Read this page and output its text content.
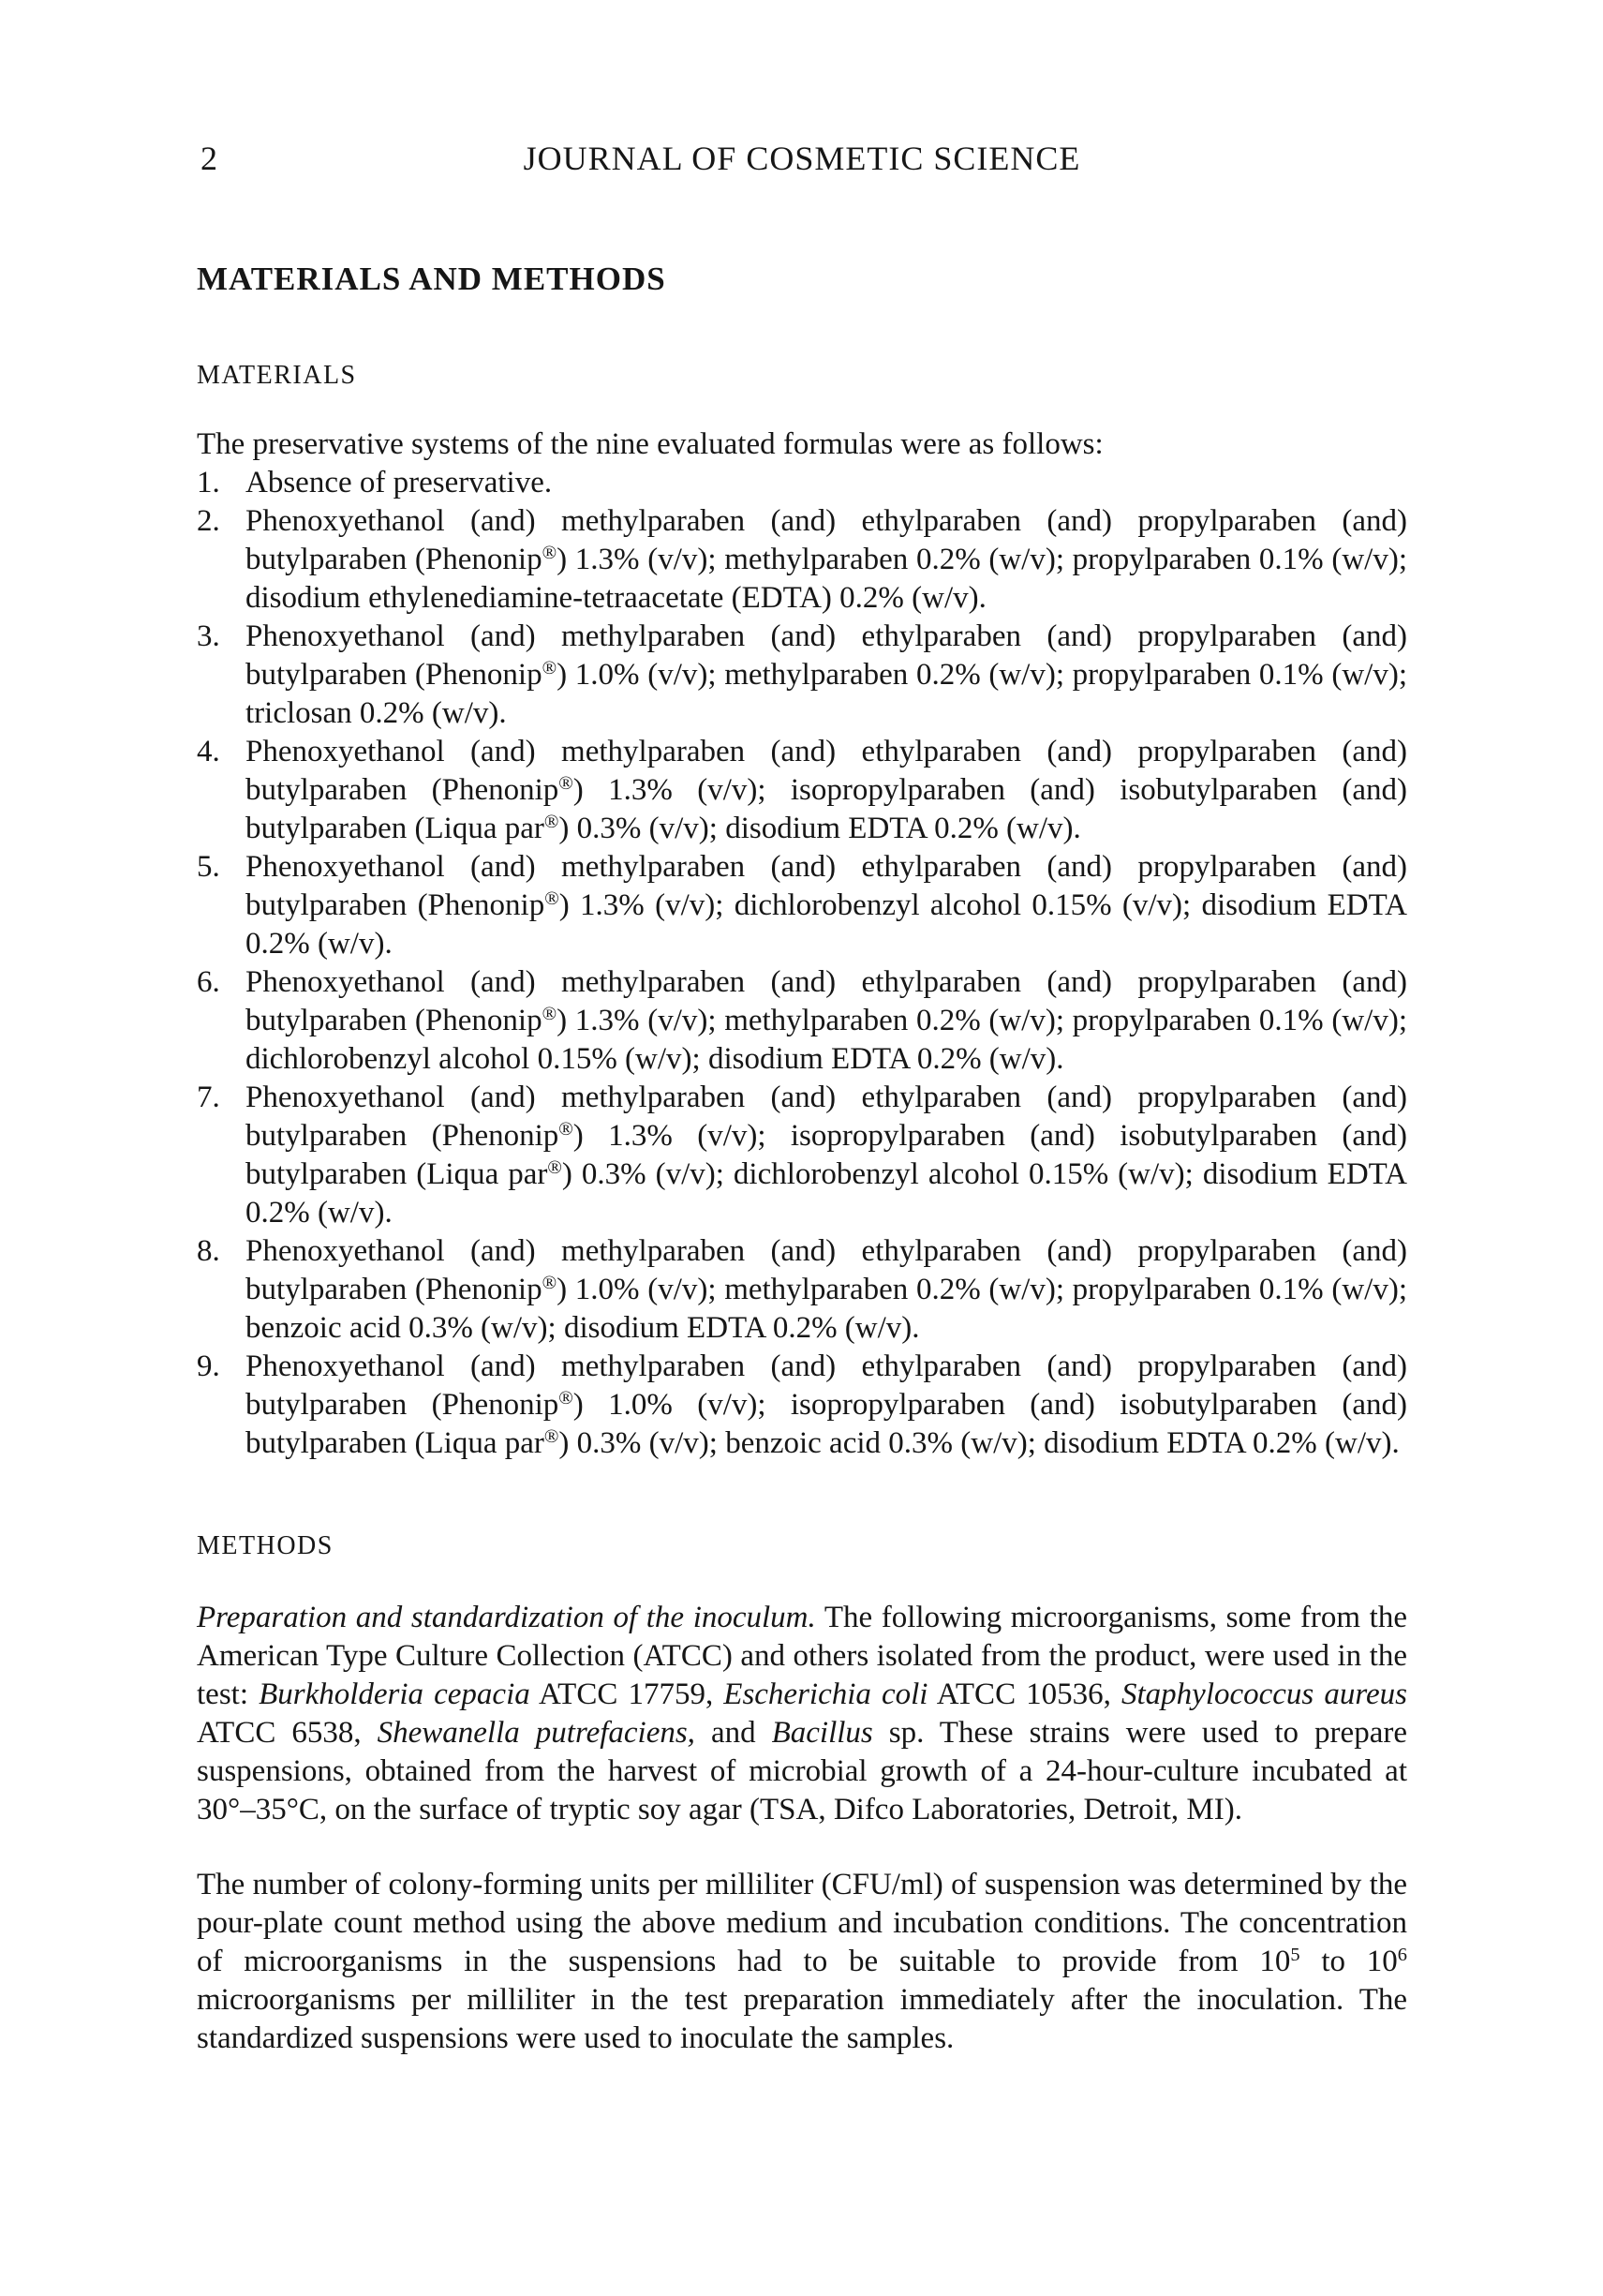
2	JOURNAL OF COSMETIC SCIENCE
MATERIALS AND METHODS
MATERIALS

The preservative systems of the nine evaluated formulas were as follows:

1. Absence of preservative.
2. Phenoxyethanol (and) methylparaben (and) ethylparaben (and) propylparaben (and) butylparaben (Phenonip®) 1.3% (v/v); methylparaben 0.2% (w/v); propylparaben 0.1% (w/v); disodium ethylenediamine-tetraacetate (EDTA) 0.2% (w/v).
3. Phenoxyethanol (and) methylparaben (and) ethylparaben (and) propylparaben (and) butylparaben (Phenonip®) 1.0% (v/v); methylparaben 0.2% (w/v); propylparaben 0.1% (w/v); triclosan 0.2% (w/v).
4. Phenoxyethanol (and) methylparaben (and) ethylparaben (and) propylparaben (and) butylparaben (Phenonip®) 1.3% (v/v); isopropylparaben (and) isobutylparaben (and) butylparaben (Liqua par®) 0.3% (v/v); disodium EDTA 0.2% (w/v).
5. Phenoxyethanol (and) methylparaben (and) ethylparaben (and) propylparaben (and) butylparaben (Phenonip®) 1.3% (v/v); dichlorobenzyl alcohol 0.15% (v/v); disodium EDTA 0.2% (w/v).
6. Phenoxyethanol (and) methylparaben (and) ethylparaben (and) propylparaben (and) butylparaben (Phenonip®) 1.3% (v/v); methylparaben 0.2% (w/v); propylparaben 0.1% (w/v); dichlorobenzyl alcohol 0.15% (w/v); disodium EDTA 0.2% (w/v).
7. Phenoxyethanol (and) methylparaben (and) ethylparaben (and) propylparaben (and) butylparaben (Phenonip®) 1.3% (v/v); isopropylparaben (and) isobutylparaben (and) butylparaben (Liqua par®) 0.3% (v/v); dichlorobenzyl alcohol 0.15% (w/v); disodium EDTA 0.2% (w/v).
8. Phenoxyethanol (and) methylparaben (and) ethylparaben (and) propylparaben (and) butylparaben (Phenonip®) 1.0% (v/v); methylparaben 0.2% (w/v); propylparaben 0.1% (w/v); benzoic acid 0.3% (w/v); disodium EDTA 0.2% (w/v).
9. Phenoxyethanol (and) methylparaben (and) ethylparaben (and) propylparaben (and) butylparaben (Phenonip®) 1.0% (v/v); isopropylparaben (and) isobutylparaben (and) butylparaben (Liqua par®) 0.3% (v/v); benzoic acid 0.3% (w/v); disodium EDTA 0.2% (w/v).
METHODS

Preparation and standardization of the inoculum. The following microorganisms, some from the American Type Culture Collection (ATCC) and others isolated from the product, were used in the test: Burkholderia cepacia ATCC 17759, Escherichia coli ATCC 10536, Staphylococcus aureus ATCC 6538, Shewanella putrefaciens, and Bacillus sp. These strains were used to prepare suspensions, obtained from the harvest of microbial growth of a 24-hour-culture incubated at 30°–35°C, on the surface of tryptic soy agar (TSA, Difco Laboratories, Detroit, MI).

The number of colony-forming units per milliliter (CFU/ml) of suspension was determined by the pour-plate count method using the above medium and incubation conditions. The concentration of microorganisms in the suspensions had to be suitable to provide from $10^5$ to $10^6$ microorganisms per milliliter in the test preparation immediately after the inoculation. The standardized suspensions were used to inoculate the samples.
